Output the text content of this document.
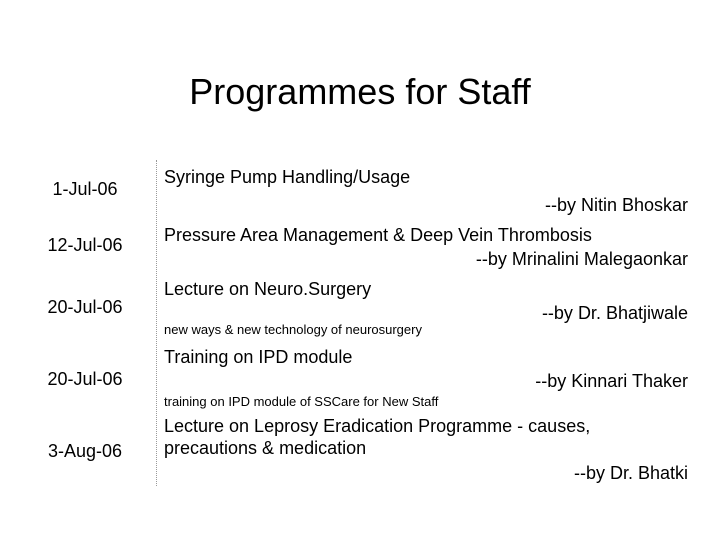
Programmes for Staff
1-Jul-06
Syringe Pump Handling/Usage
--by Nitin Bhoskar
12-Jul-06	Pressure Area Management & Deep Vein Thrombosis
--by Mrinalini Malegaonkar
20-Jul-06
Lecture on Neuro.Surgery
--by Dr. Bhatjiwale
new ways & new technology of neurosurgery
20-Jul-06
Training on IPD module
--by Kinnari Thaker
training on IPD module of SSCare for New Staff
3-Aug-06
Lecture on Leprosy Eradication Programme - causes,
precautions & medication
--by Dr. Bhatki
